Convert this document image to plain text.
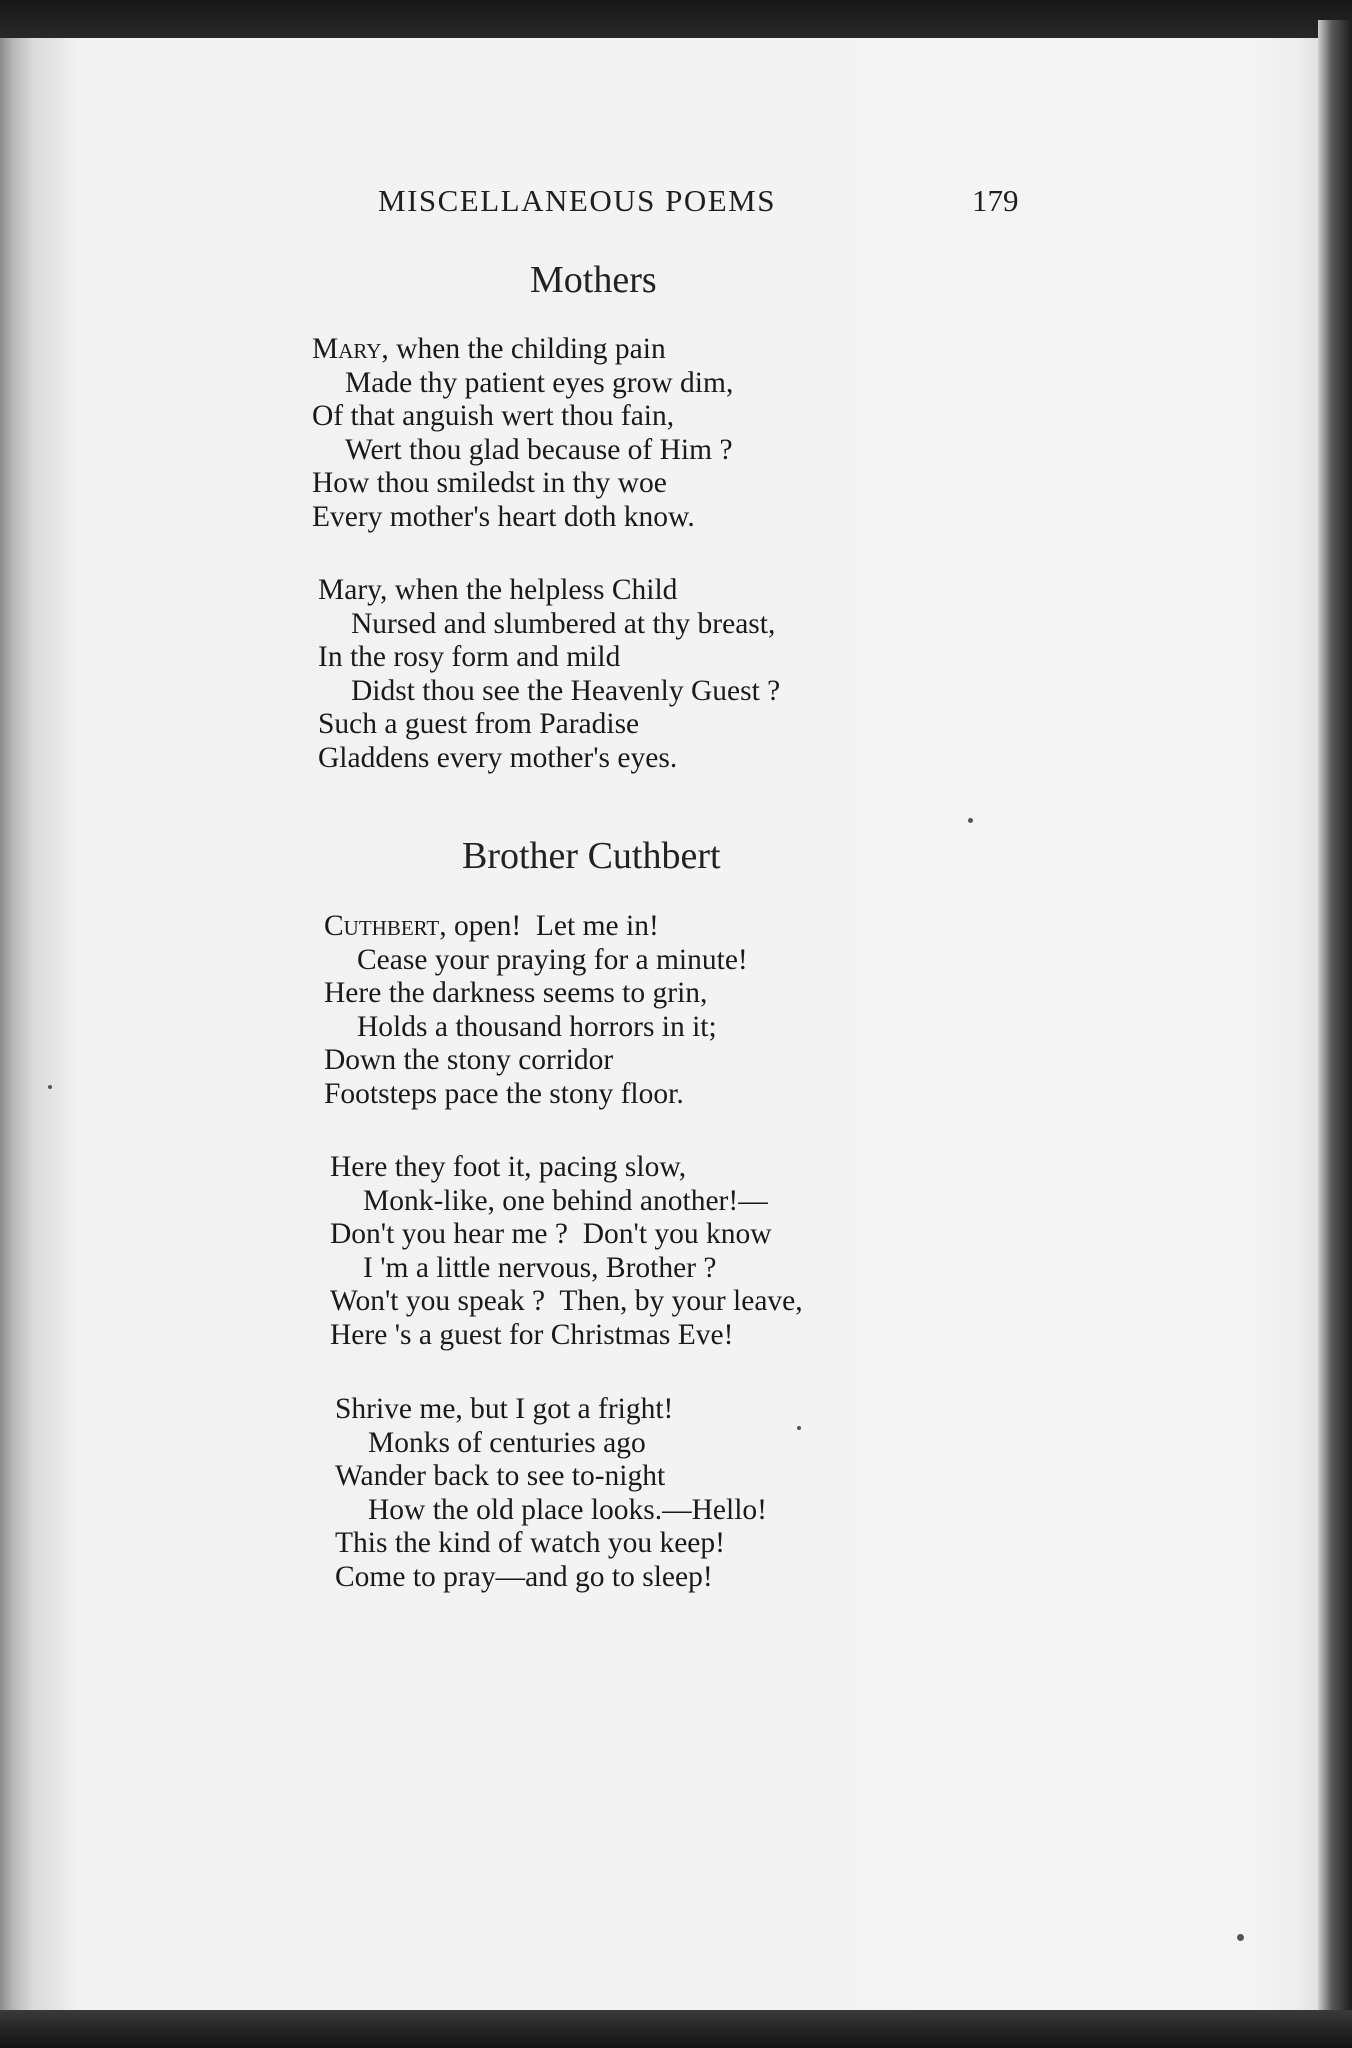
MISCELLANEOUS POEMS	179
Mothers
Mary, when the childing pain
Made thy patient eyes grow dim,
Of that anguish wert thou fain,
Wert thou glad because of Him ?
How thou smiledst in thy woe
Every mother's heart doth know.
Mary, when the helpless Child
Nursed and slumbered at thy breast,
In the rosy form and mild
Didst thou see the Heavenly Guest ?
Such a guest from Paradise
Gladdens every mother's eyes.
Brother Cuthbert
Cuthbert, open!  Let me in!
Cease your praying for a minute!
Here the darkness seems to grin,
Holds a thousand horrors in it;
Down the stony corridor
Footsteps pace the stony floor.
Here they foot it, pacing slow,
Monk-like, one behind another!—
Don't you hear me ?  Don't you know
I 'm a little nervous, Brother ?
Won't you speak ?  Then, by your leave,
Here 's a guest for Christmas Eve!
Shrive me, but I got a fright!
Monks of centuries ago
Wander back to see to-night
How the old place looks.—Hello!
This the kind of watch you keep!
Come to pray—and go to sleep!
